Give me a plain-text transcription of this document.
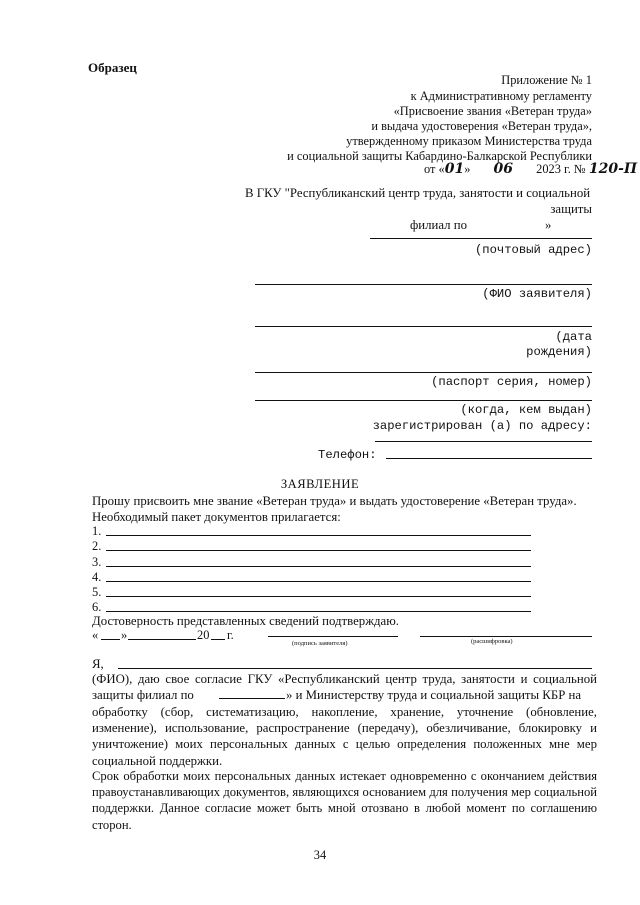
Образец
Приложение № 1
к Административному регламенту
«Присвоение звания «Ветеран труда»
и выдача удостоверения «Ветеран труда»,
утвержденному приказом Министерства труда
и социальной защиты Кабардино-Балкарской Республики
от «01» 06 2023 г. № 120-П
В ГКУ "Республиканский центр труда, занятости и социальной
защиты
филиал по	»
(почтовый адрес)
(ФИО заявителя)
(дата
рождения)
(паспорт серия, номер)
(когда, кем выдан)
зарегистрирован (а) по адресу:
Телефон:
ЗАЯВЛЕНИЕ
Прошу присвоить мне звание «Ветеран труда» и выдать удостоверение «Ветеран труда».
Необходимый пакет документов прилагается:
1.
2.
3.
4.
5.
6.
Достоверность представленных сведений подтверждаю.
« »	20 г.
(подпись заявителя)	(расшифровка)
Я,
(ФИО), даю свое согласие ГКУ «Республиканский центр труда, занятости и социальной
защиты филиал по	» и Министерству труда и социальной защиты КБР на
обработку (сбор, систематизацию, накопление, хранение, уточнение (обновление, изменение), использование, распространение (передачу), обезличивание, блокировку и уничтожение) моих персональных данных с целью определения положенных мне мер социальной поддержки.
Срок обработки моих персональных данных истекает одновременно с окончанием действия правоустанавливающих документов, являющихся основанием для получения мер социальной поддержки. Данное согласие может быть мной отозвано в любой момент по соглашению сторон.
34
